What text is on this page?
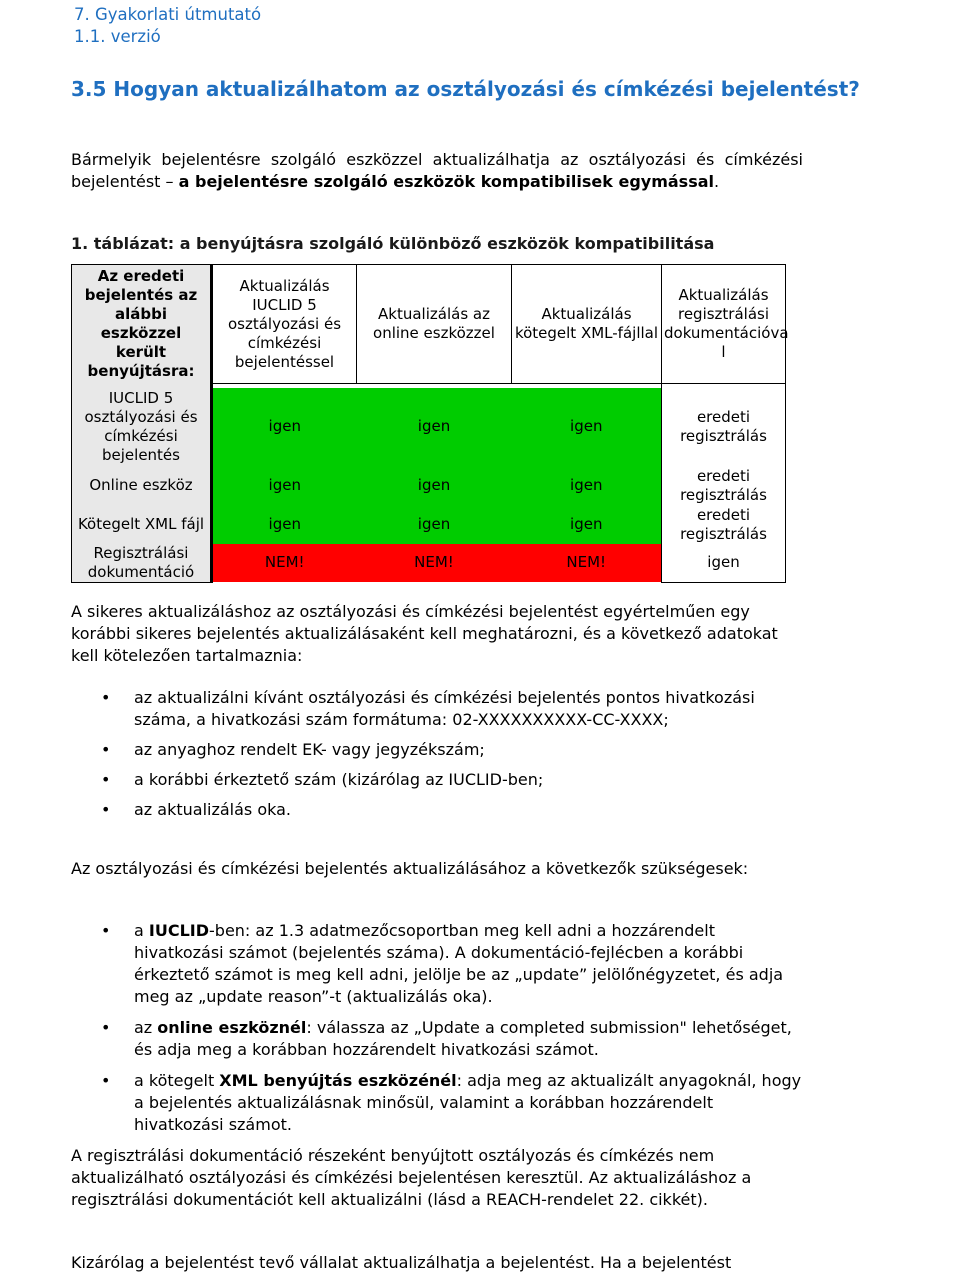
7. Gyakorlati útmutató
1.1. verzió
3.5 Hogyan aktualizálhatom az osztályozási és címkézési bejelentést?

Bármelyik bejelentésre szolgáló eszközzel aktualizálhatja az osztályozási és címkézési bejelentést – a bejelentésre szolgáló eszközök kompatibilisek egymással.

1. táblázat: a benyújtásra szolgáló különböző eszközök kompatibilitása
Az eredeti bejelentés az alábbi eszközzel került benyújtásra:	Aktualizálás IUCLID 5 osztályozási és címkézési bejelentéssel	Aktualizálás az online eszközzel	Aktualizálás kötegelt XML-fájllal	Aktualizálás regisztrálási dokumentációva l

IUCLID 5 osztályozási és címkézési bejelentés	igen	igen	igen	eredeti regisztrálás
Online eszköz	igen	igen	igen	eredeti regisztrálás
Kötegelt XML fájl	igen	igen	igen	eredeti regisztrálás
Regisztrálási dokumentáció	NEM!	NEM!	NEM!	igen

A sikeres aktualizáláshoz az osztályozási és címkézési bejelentést egyértelműen egy korábbi sikeres bejelentés aktualizálásaként kell meghatározni, és a következő adatokat kell kötelezően tartalmaznia:

• az aktualizálni kívánt osztályozási és címkézési bejelentés pontos hivatkozási száma, a hivatkozási szám formátuma: 02-XXXXXXXXXX-CC-XXXX;
• az anyaghoz rendelt EK- vagy jegyzékszám;
• a korábbi érkeztető szám (kizárólag az IUCLID-ben;
• az aktualizálás oka.

Az osztályozási és címkézési bejelentés aktualizálásához a következők szükségesek:

• a IUCLID-ben: az 1.3 adatmezőcsoportban meg kell adni a hozzárendelt hivatkozási számot (bejelentés száma). A dokumentáció-fejlécben a korábbi érkeztető számot is meg kell adni, jelölje be az „update” jelölőnégyzetet, és adja meg az „update reason”-t (aktualizálás oka).
• az online eszköznél: válassza az „Update a completed submission" lehetőséget, és adja meg a korábban hozzárendelt hivatkozási számot.
• a kötegelt XML benyújtás eszközénél: adja meg az aktualizált anyagoknál, hogy a bejelentés aktualizálásnak minősül, valamint a korábban hozzárendelt hivatkozási számot.

A regisztrálási dokumentáció részeként benyújtott osztályozás és címkézés nem aktualizálható osztályozási és címkézési bejelentésen keresztül. Az aktualizáláshoz a regisztrálási dokumentációt kell aktualizálni (lásd a REACH-rendelet 22. cikkét).

Kizárólag a bejelentést tevő vállalat aktualizálhatja a bejelentést. Ha a bejelentést
